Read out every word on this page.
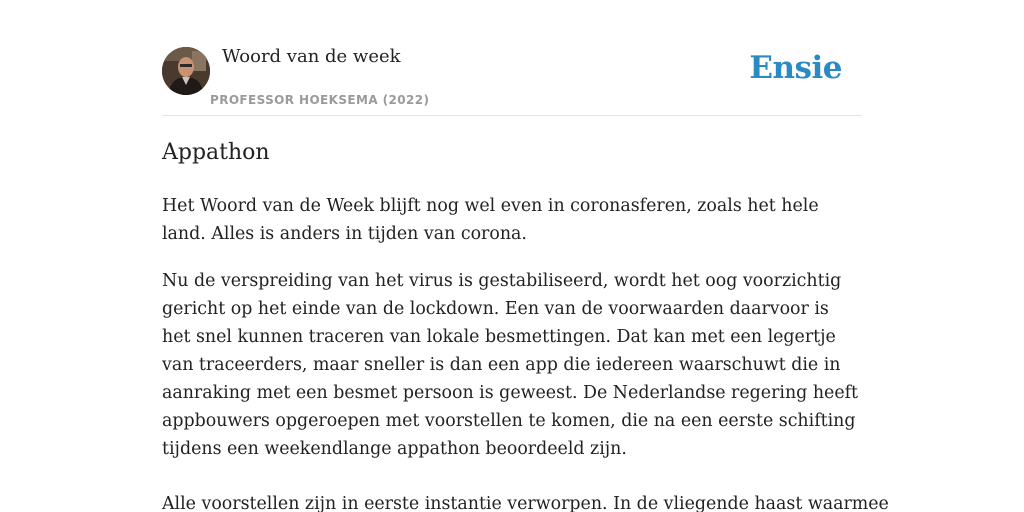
Woord van de week
PROFESSOR HOEKSEMA (2022)
Ensie
Appathon

Het Woord van de Week blijft nog wel even in coronasferen, zoals het hele land. Alles is anders in tijden van corona.

Nu de verspreiding van het virus is gestabiliseerd, wordt het oog voorzichtig gericht op het einde van de lockdown. Een van de voorwaarden daarvoor is het snel kunnen traceren van lokale besmettingen. Dat kan met een legertje van traceerders, maar sneller is dan een app die iedereen waarschuwt die in aanraking met een besmet persoon is geweest. De Nederlandse regering heeft appbouwers opgeroepen met voorstellen te komen, die na een eerste schifting tijdens een weekendlange appathon beoordeeld zijn.

Alle voorstellen zijn in eerste instantie verworpen. In de vliegende haast waarmee
